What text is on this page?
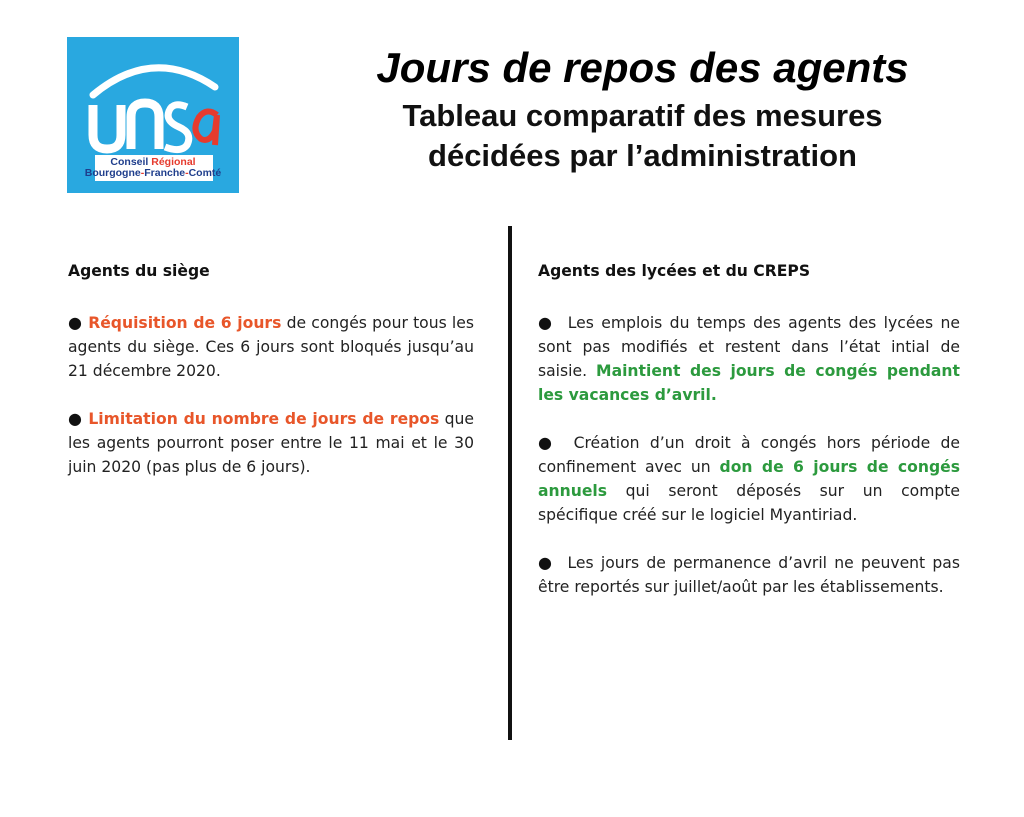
Conseil Régional
Bourgogne-Franche-Comté
Jours de repos des agents
Tableau comparatif des mesures
décidées par l’administration
Agents du siège

● Réquisition de 6 jours de congés pour tous les agents du siège. Ces 6 jours sont bloqués jusqu’au 21 décembre 2020.

● Limitation du nombre de jours de repos que les agents pourront poser entre le 11 mai et le 30 juin 2020 (pas plus de 6 jours).

Agents des lycées et du CREPS

● Les emplois du temps des agents des lycées ne sont pas modifiés et restent dans l’état intial de saisie. Maintient des jours de congés pendant les vacances d’avril.

● Création d’un droit à congés hors période de confinement avec un don de 6 jours de congés annuels qui seront déposés sur un compte spécifique créé sur le logiciel Myantiriad.

● Les jours de permanence d’avril ne peuvent pas être reportés sur juillet/août par les établissements.
